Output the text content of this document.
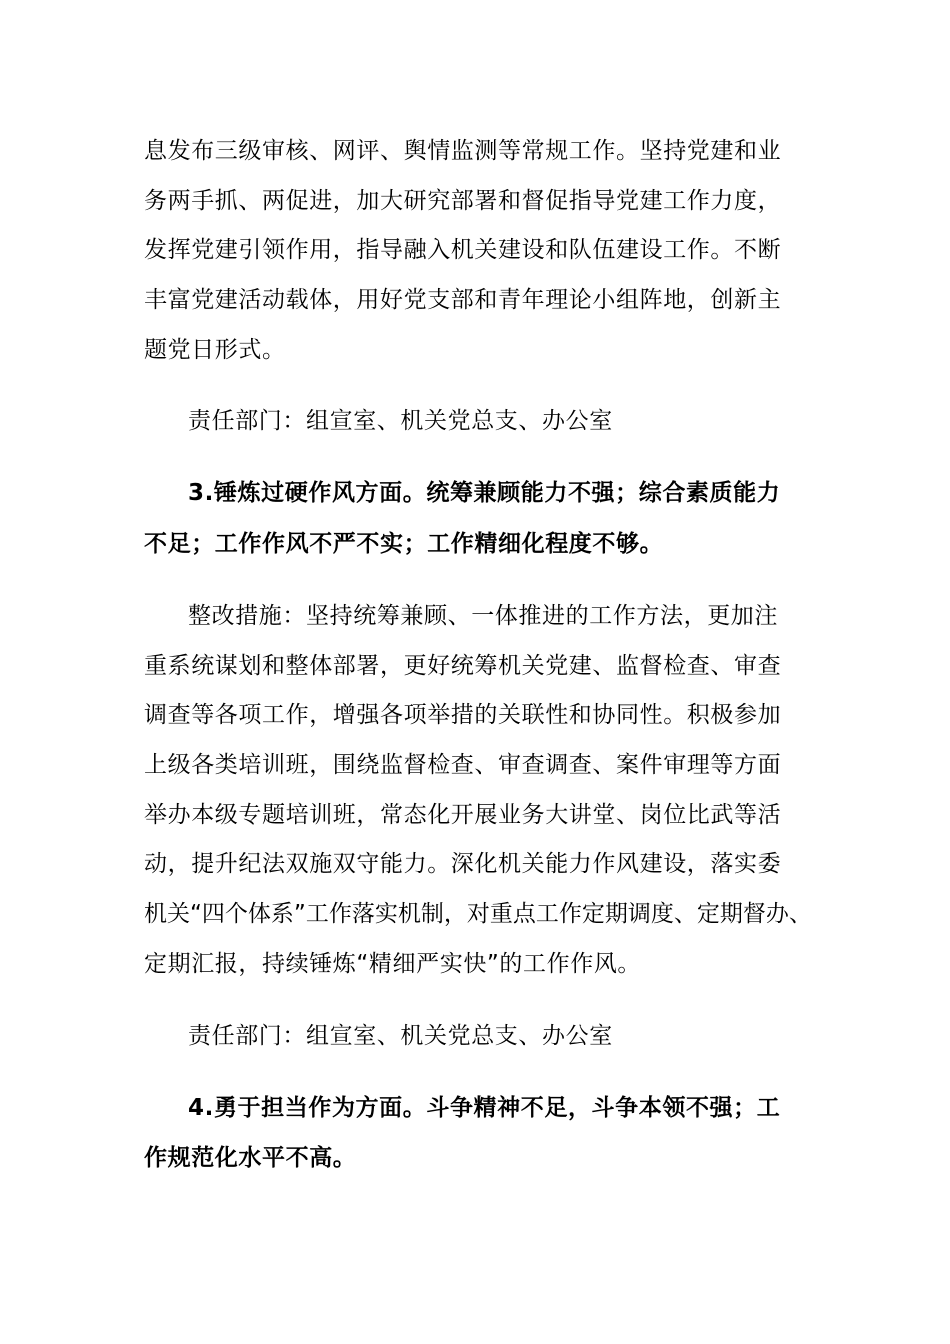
息发布三级审核、网评、舆情监测等常规工作。坚持党建和业
务两手抓、两促进，加大研究部署和督促指导党建工作力度，
发挥党建引领作用，指导融入机关建设和队伍建设工作。不断
丰富党建活动载体，用好党支部和青年理论小组阵地，创新主
题党日形式。
责任部门：组宣室、机关党总支、办公室
3.锤炼过硬作风方面。统筹兼顾能力不强；综合素质能力
不足；工作作风不严不实；工作精细化程度不够。
整改措施：坚持统筹兼顾、一体推进的工作方法，更加注
重系统谋划和整体部署，更好统筹机关党建、监督检查、审查
调查等各项工作，增强各项举措的关联性和协同性。积极参加
上级各类培训班，围绕监督检查、审查调查、案件审理等方面
举办本级专题培训班，常态化开展业务大讲堂、岗位比武等活
动，提升纪法双施双守能力。深化机关能力作风建设，落实委
机关“四个体系”工作落实机制，对重点工作定期调度、定期督办、
定期汇报，持续锤炼“精细严实快”的工作作风。
责任部门：组宣室、机关党总支、办公室
4.勇于担当作为方面。斗争精神不足，斗争本领不强；工
作规范化水平不高。
